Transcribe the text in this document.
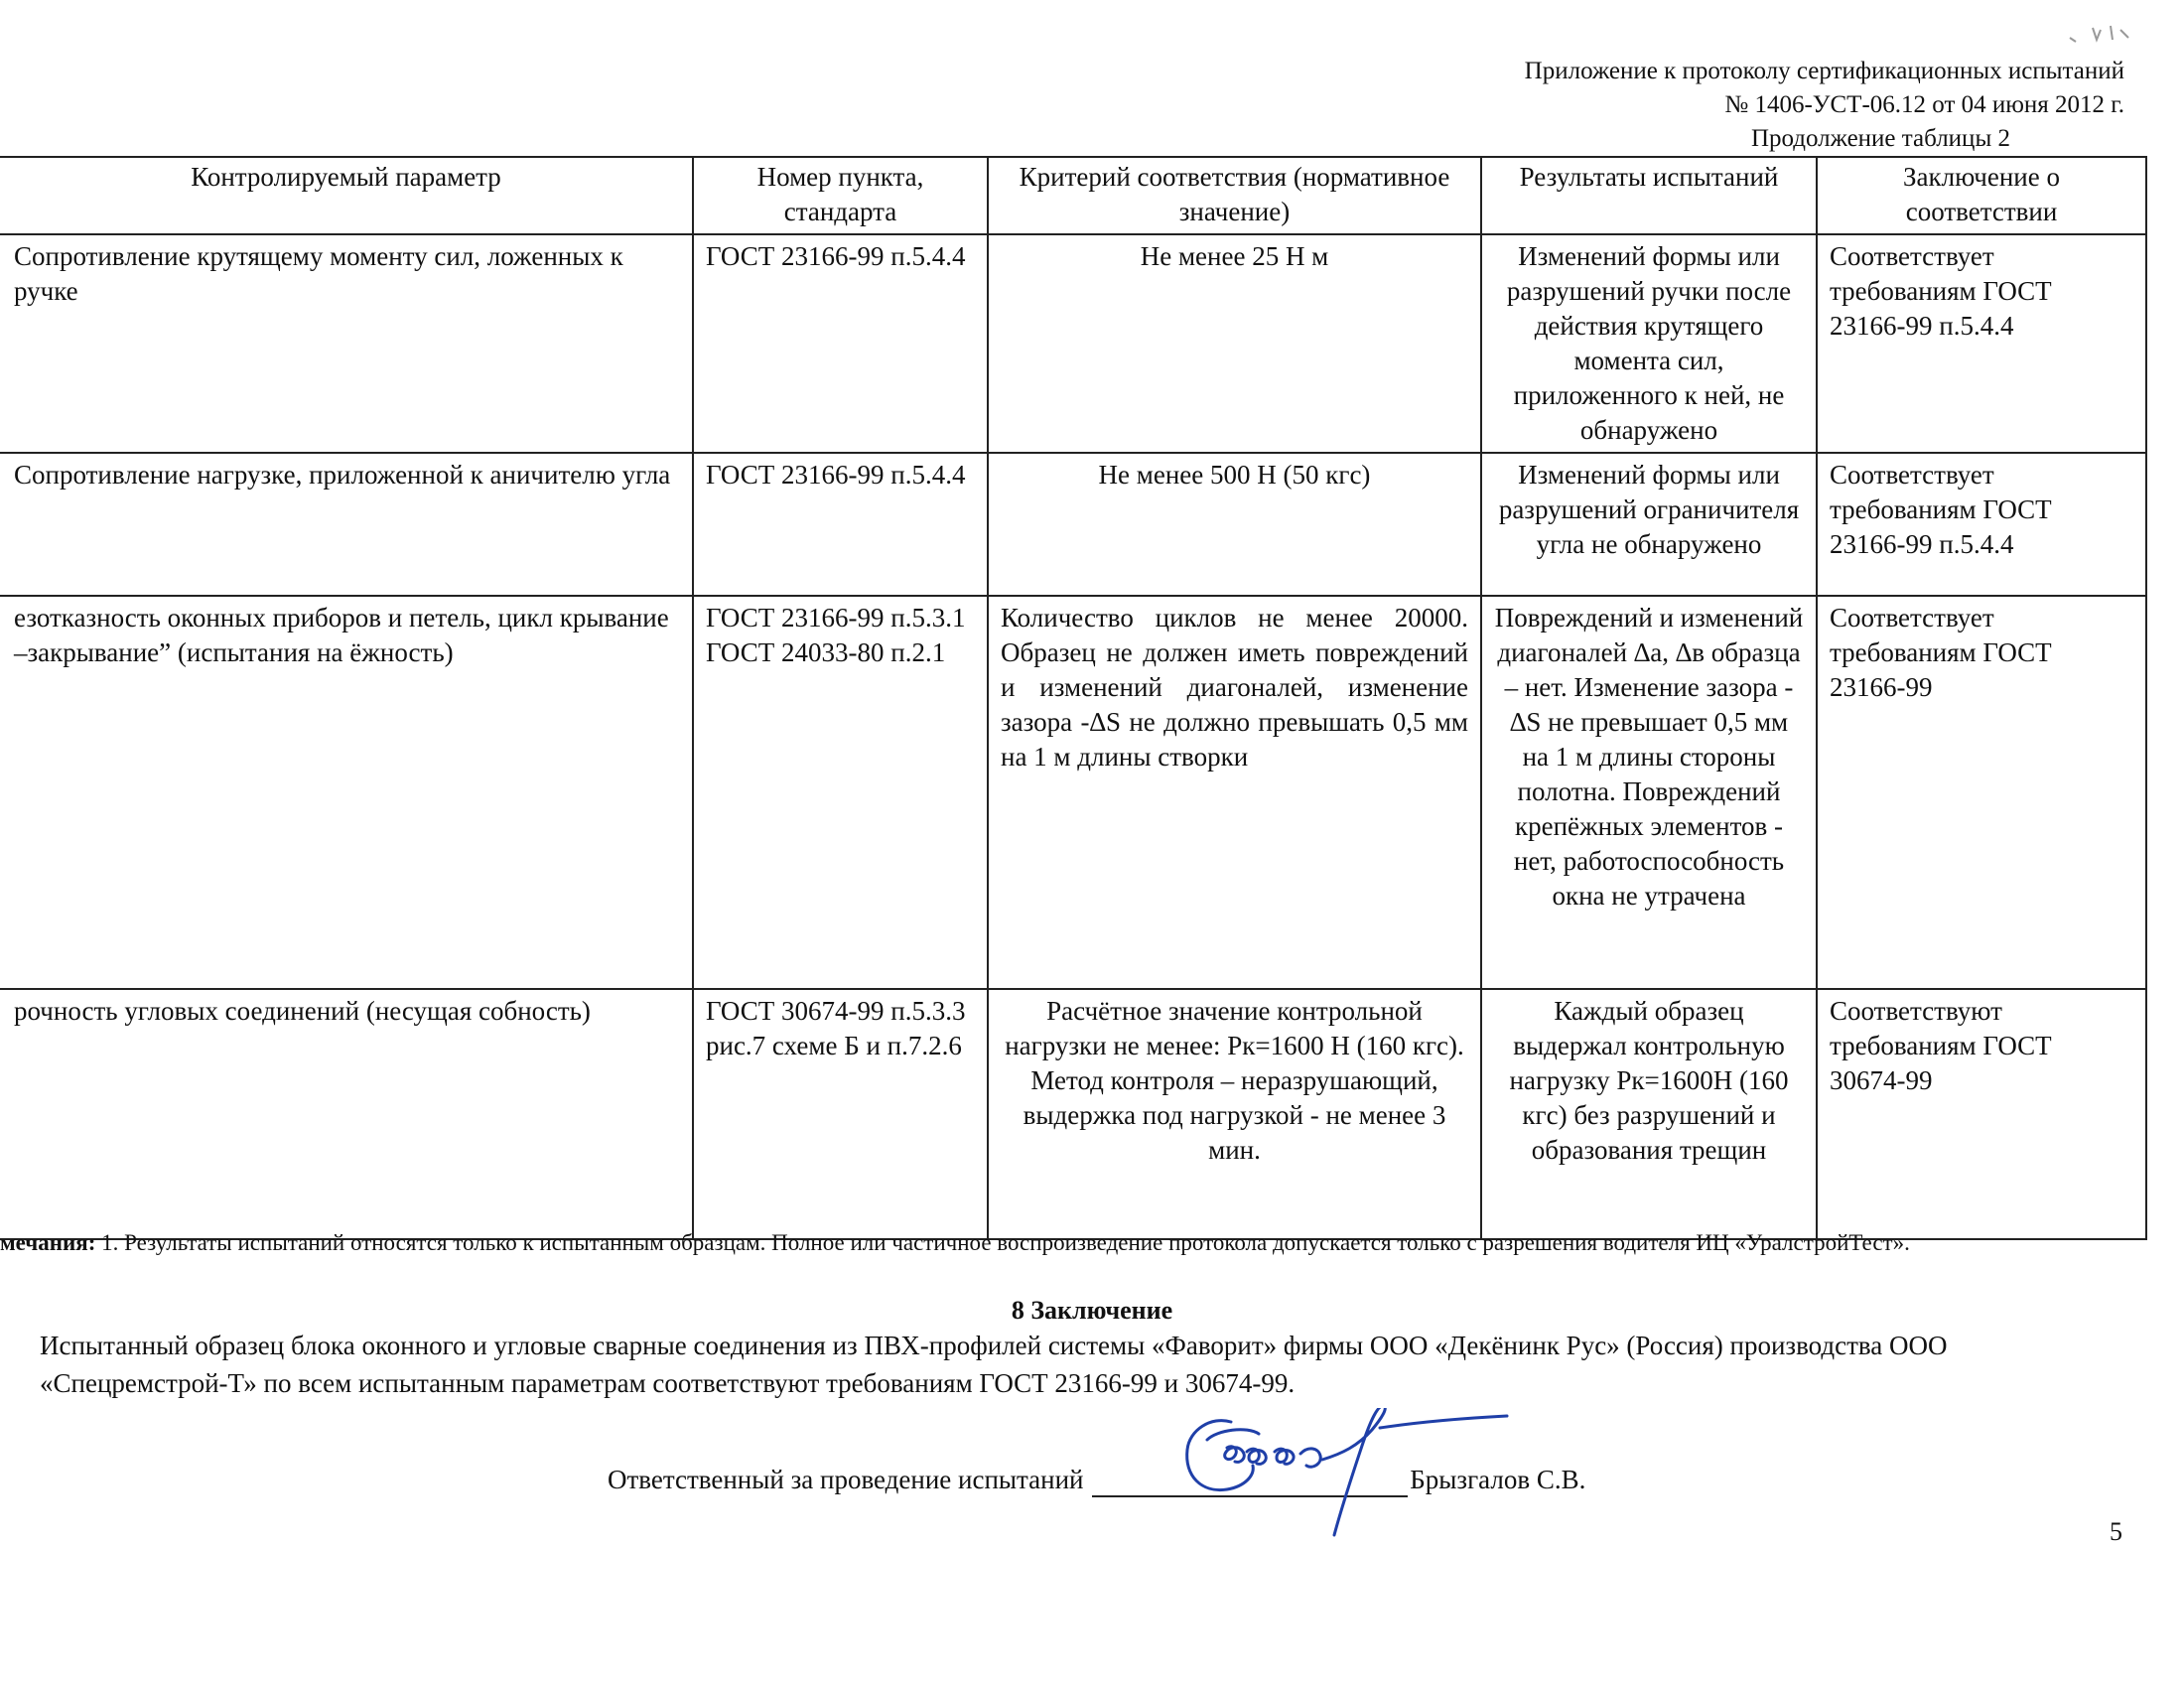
Приложение к протоколу сертификационных испытаний
№ 1406-УСТ-06.12 от 04 июня 2012 г.
Продолжение таблицы 2
Контролируемый параметр	Номер пункта, стандарта	Критерий соответствия (нормативное значение)	Результаты испытаний	Заключение о соответствии
Сопротивление крутящему моменту сил, ложенных к ручке	ГОСТ 23166-99 п.5.4.4	Не менее 25 Н м	Изменений формы или разрушений ручки после действия крутящего момента сил, приложенного к ней, не обнаружено	Соответствует требованиям ГОСТ 23166-99 п.5.4.4
Сопротивление нагрузке, приложенной к аничителю угла	ГОСТ 23166-99 п.5.4.4	Не менее 500 Н (50 кгс)	Изменений формы или разрушений ограничителя угла не обнаружено	Соответствует требованиям ГОСТ 23166-99 п.5.4.4
езотказность оконных приборов и петель, цикл крывание –закрывание” (испытания на ёжность)	ГОСТ 23166-99 п.5.3.1 ГОСТ 24033-80 п.2.1	Количество циклов не менее 20000. Образец не должен иметь повреждений и изменений диагоналей, изменение зазора -∆S не должно превышать 0,5 мм на 1 м длины створки	Повреждений и изменений диагоналей ∆а, ∆в образца – нет. Изменение зазора - ∆S не превышает 0,5 мм на 1 м длины стороны полотна. Повреждений крепёжных элементов - нет, работоспособность окна не утрачена	Соответствует требованиям ГОСТ 23166-99
рочность угловых соединений (несущая собность)	ГОСТ 30674-99 п.5.3.3 рис.7 схеме Б и п.7.2.6	Расчётное значение контрольной нагрузки не менее: Pк=1600 Н (160 кгс). Метод контроля – неразрушающий, выдержка под нагрузкой - не менее 3 мин.	Каждый образец выдержал контрольную нагрузку Рк=1600Н (160 кгс) без разрушений и образования трещин	Соответствуют требованиям ГОСТ 30674-99
мечания: 1. Результаты испытаний относятся только к испытанным образцам. Полное или частичное воспроизведение протокола допускается только с разрешения водителя ИЦ «УралстройТест».
8 Заключение
Испытанный образец блока оконного и угловые сварные соединения из ПВХ-профилей системы «Фаворит» фирмы ООО «Декёнинк Рус» (Россия) производства ООО «Спецремстрой-Т» по всем испытанным параметрам соответствуют требованиям ГОСТ 23166-99 и 30674-99.
Ответственный за проведение испытаний	Брызгалов С.В.
5
